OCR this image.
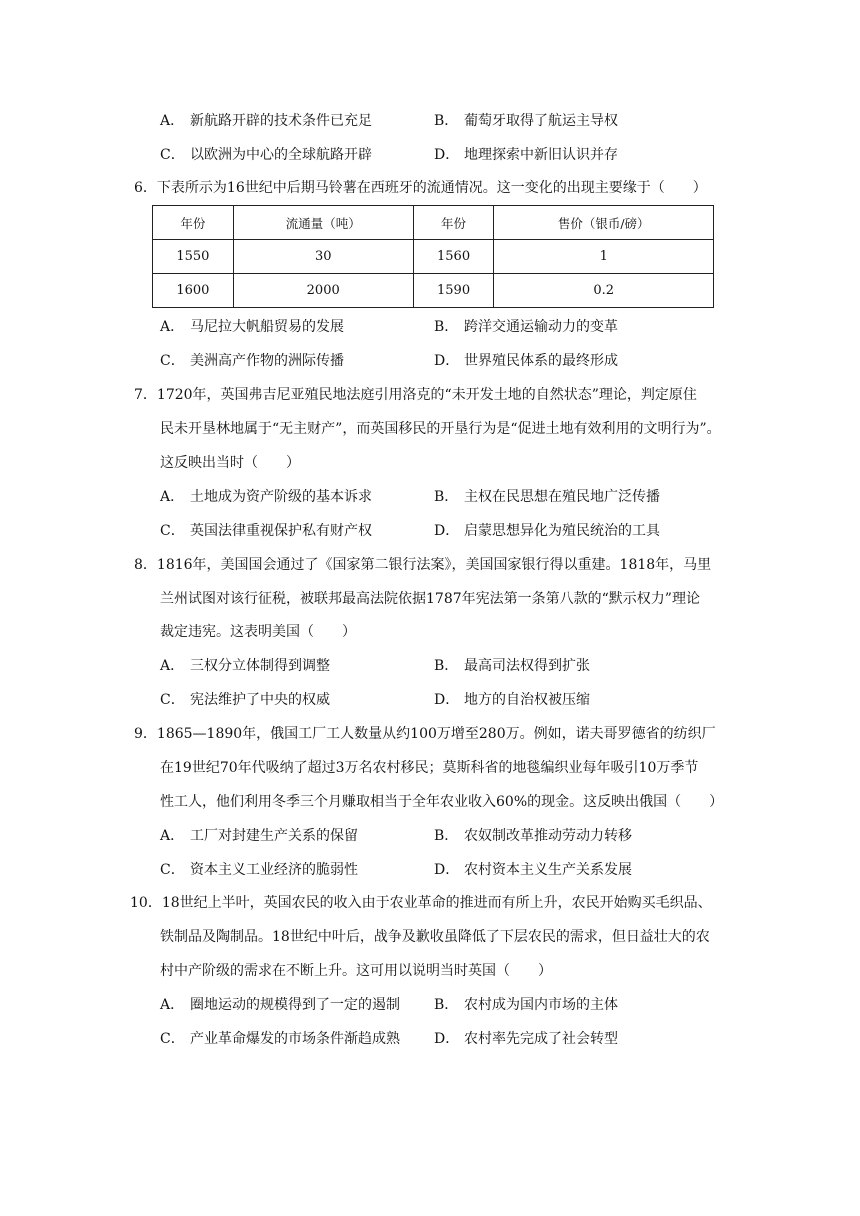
A． 新航路开辟的技术条件已充足	B． 葡萄牙取得了航运主导权
C． 以欧洲为中心的全球航路开辟	D． 地理探索中新旧认识并存
6．下表所示为16世纪中后期马铃薯在西班牙的流通情况。这一变化的出现主要缘于（　　）
年份	流通量（吨）	年份	售价（银币/磅）
1550	30	1560	1
1600	2000	1590	0.2
A． 马尼拉大帆船贸易的发展	B． 跨洋交通运输动力的变革
C． 美洲高产作物的洲际传播	D． 世界殖民体系的最终形成
7．1720年，英国弗吉尼亚殖民地法庭引用洛克的“未开发土地的自然状态”理论，判定原住
民未开垦林地属于“无主财产”，而英国移民的开垦行为是“促进土地有效利用的文明行为”。
这反映出当时（　　）
A． 土地成为资产阶级的基本诉求	B． 主权在民思想在殖民地广泛传播
C． 英国法律重视保护私有财产权	D． 启蒙思想异化为殖民统治的工具
8．1816年，美国国会通过了《国家第二银行法案》，美国国家银行得以重建。1818年，马里
兰州试图对该行征税，被联邦最高法院依据1787年宪法第一条第八款的“默示权力”理论
裁定违宪。这表明美国（　　）
A． 三权分立体制得到调整	B． 最高司法权得到扩张
C． 宪法维护了中央的权威	D． 地方的自治权被压缩
9．1865—1890年，俄国工厂工人数量从约100万增至280万。例如，诺夫哥罗德省的纺织厂
在19世纪70年代吸纳了超过3万名农村移民；莫斯科省的地毯编织业每年吸引10万季节
性工人，他们利用冬季三个月赚取相当于全年农业收入60%的现金。这反映出俄国（　　）
A． 工厂对封建生产关系的保留	B． 农奴制改革推动劳动力转移
C． 资本主义工业经济的脆弱性	D． 农村资本主义生产关系发展
10．18世纪上半叶，英国农民的收入由于农业革命的推进而有所上升，农民开始购买毛织品、
铁制品及陶制品。18世纪中叶后，战争及歉收虽降低了下层农民的需求，但日益壮大的农
村中产阶级的需求在不断上升。这可用以说明当时英国（　　）
A． 圈地运动的规模得到了一定的遏制 B． 农村成为国内市场的主体
C． 产业革命爆发的市场条件渐趋成熟 D． 农村率先完成了社会转型
